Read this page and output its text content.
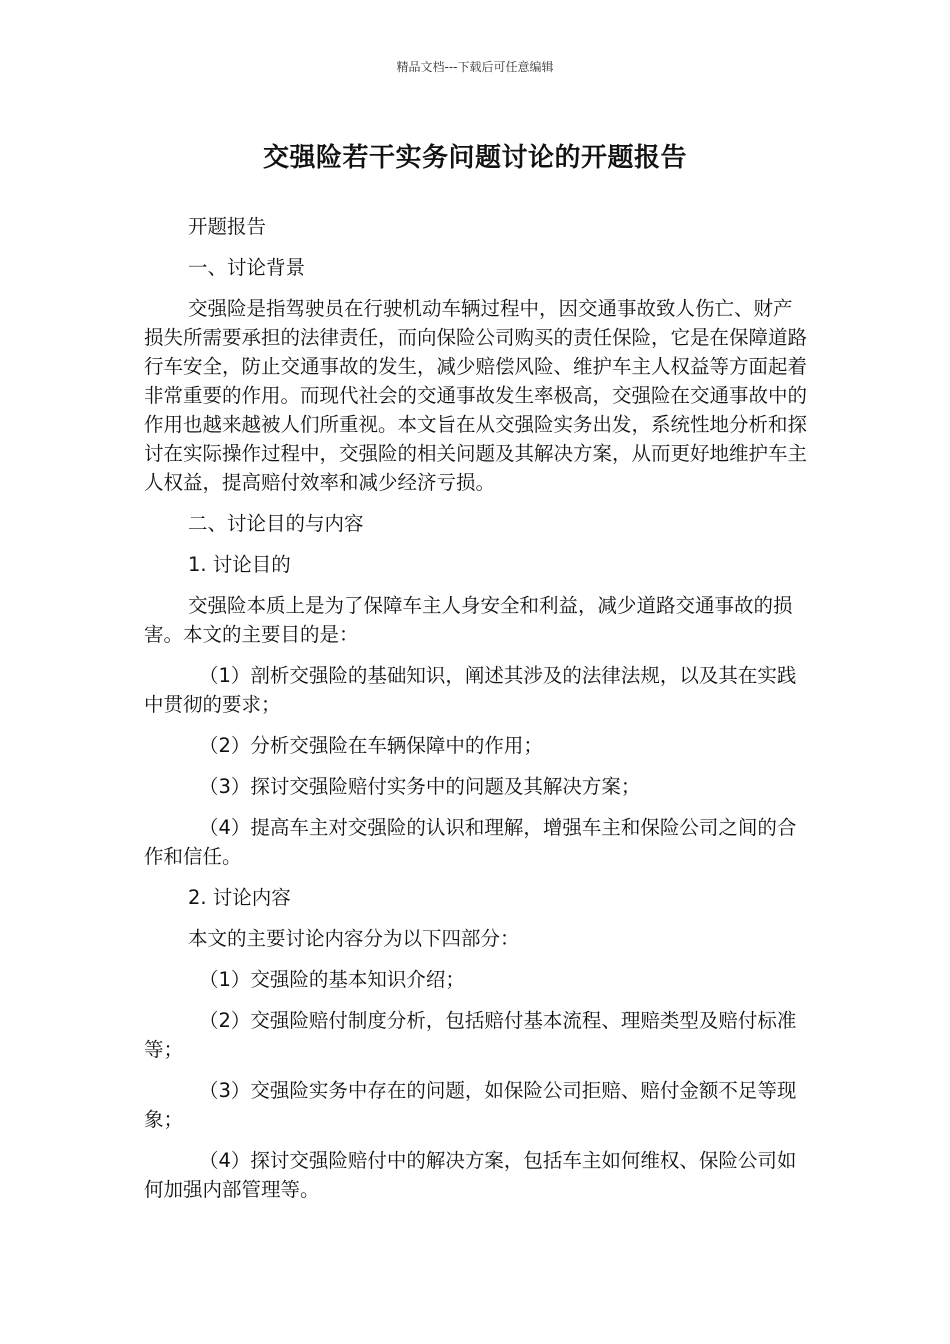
精品文档---下载后可任意编辑
交强险若干实务问题讨论的开题报告

开题报告

一、讨论背景

交强险是指驾驶员在行驶机动车辆过程中，因交通事故致人伤亡、财产损失所需要承担的法律责任，而向保险公司购买的责任保险，它是在保障道路行车安全，防止交通事故的发生，减少赔偿风险、维护车主人权益等方面起着非常重要的作用。而现代社会的交通事故发生率极高，交强险在交通事故中的作用也越来越被人们所重视。本文旨在从交强险实务出发，系统性地分析和探讨在实际操作过程中，交强险的相关问题及其解决方案，从而更好地维护车主人权益，提高赔付效率和减少经济亏损。

二、讨论目的与内容

1. 讨论目的

交强险本质上是为了保障车主人身安全和利益，减少道路交通事故的损害。本文的主要目的是：

（1）剖析交强险的基础知识，阐述其涉及的法律法规，以及其在实践中贯彻的要求；

（2）分析交强险在车辆保障中的作用；

（3）探讨交强险赔付实务中的问题及其解决方案；

（4）提高车主对交强险的认识和理解，增强车主和保险公司之间的合作和信任。

2. 讨论内容

本文的主要讨论内容分为以下四部分：

（1）交强险的基本知识介绍；

（2）交强险赔付制度分析，包括赔付基本流程、理赔类型及赔付标准等；

（3）交强险实务中存在的问题，如保险公司拒赔、赔付金额不足等现象；

（4）探讨交强险赔付中的解决方案，包括车主如何维权、保险公司如何加强内部管理等。
